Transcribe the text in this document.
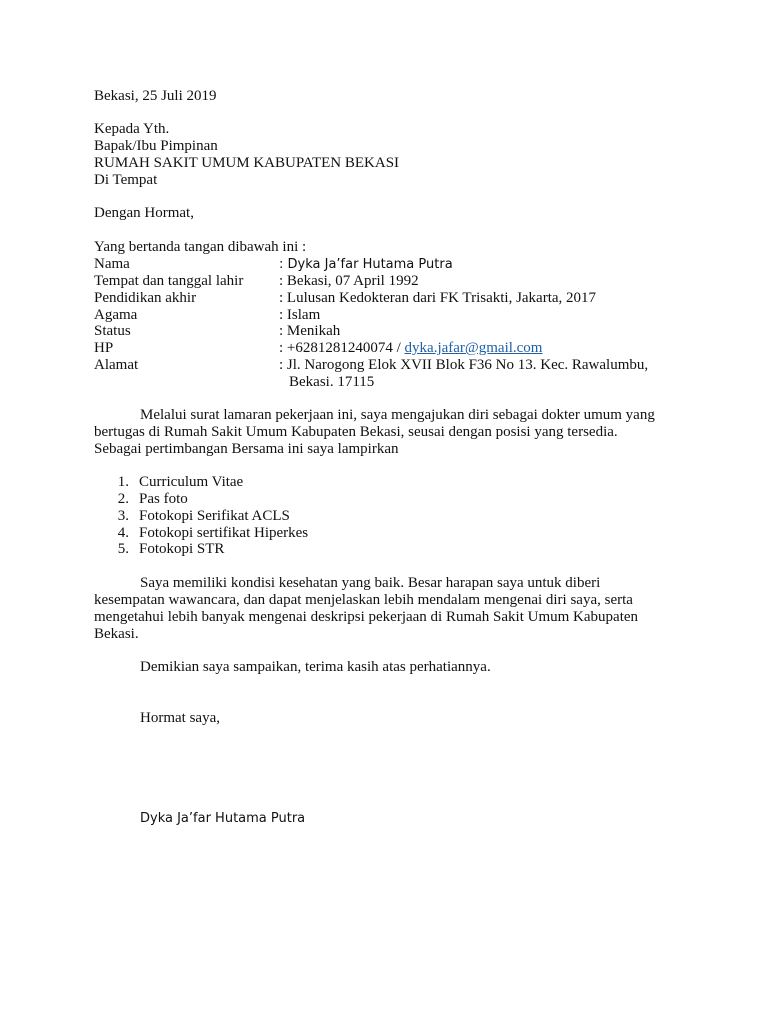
Bekasi, 25 Juli 2019
Kepada Yth.
Bapak/Ibu Pimpinan
RUMAH SAKIT UMUM KABUPATEN BEKASI
Di Tempat
Dengan Hormat,
Yang bertanda tangan dibawah ini :
Nama	: Dyka Ja’far Hutama Putra
Tempat dan tanggal lahir : Bekasi, 07 April 1992
Pendidikan akhir	: Lulusan Kedokteran dari FK Trisakti, Jakarta, 2017
Agama	: Islam
Status	: Menikah
HP	: +6281281240074 / dyka.jafar@gmail.com
Alamat	: Jl. Narogong Elok XVII Blok F36 No 13. Kec. Rawalumbu,
Bekasi. 17115
Melalui surat lamaran pekerjaan ini, saya mengajukan diri sebagai dokter umum yang
bertugas di Rumah Sakit Umum Kabupaten Bekasi, seusai dengan posisi yang tersedia.
Sebagai pertimbangan Bersama ini saya lampirkan
1. Curriculum Vitae
2. Pas foto
3. Fotokopi Serifikat ACLS
4. Fotokopi sertifikat Hiperkes
5. Fotokopi STR
Saya memiliki kondisi kesehatan yang baik. Besar harapan saya untuk diberi
kesempatan wawancara, dan dapat menjelaskan lebih mendalam mengenai diri saya, serta
mengetahui lebih banyak mengenai deskripsi pekerjaan di Rumah Sakit Umum Kabupaten
Bekasi.
Demikian saya sampaikan, terima kasih atas perhatiannya.
Hormat saya,
Dyka Ja’far Hutama Putra
